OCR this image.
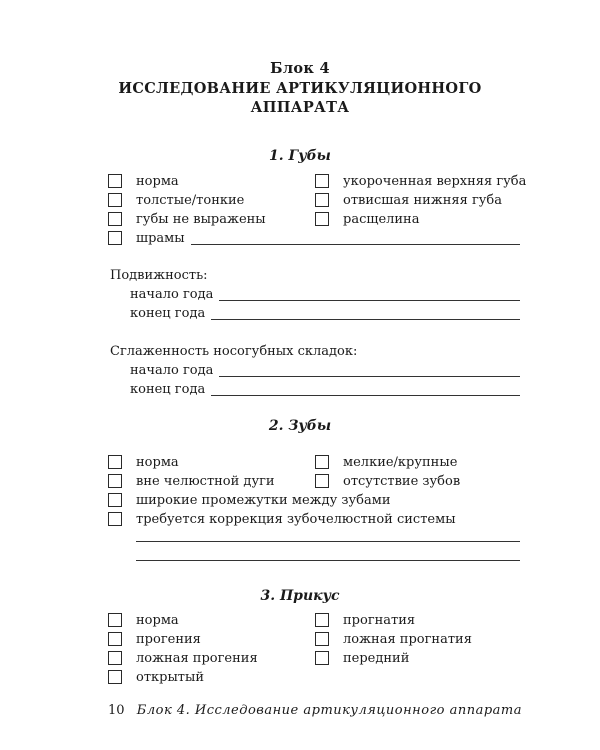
Блок 4
ИССЛЕДОВАНИЕ АРТИКУЛЯЦИОННОГО
АППАРАТА
1. Губы
норма
толстые/тонкие
губы не выражены
шрамы
укороченная верхняя губа
отвисшая нижняя губа
расщелина
Подвижность:
начало года
конец года
Сглаженность носогубных складок:
начало года
конец года
2. Зубы
норма
вне челюстной дуги
мелкие/крупные
отсутствие зубов
широкие промежутки между зубами
требуется коррекция зубочелюстной системы
3. Прикус
норма
прогения
ложная прогения
открытый
прогнатия
ложная прогнатия
передний
10 Блок 4. Исследование артикуляционного аппарата
